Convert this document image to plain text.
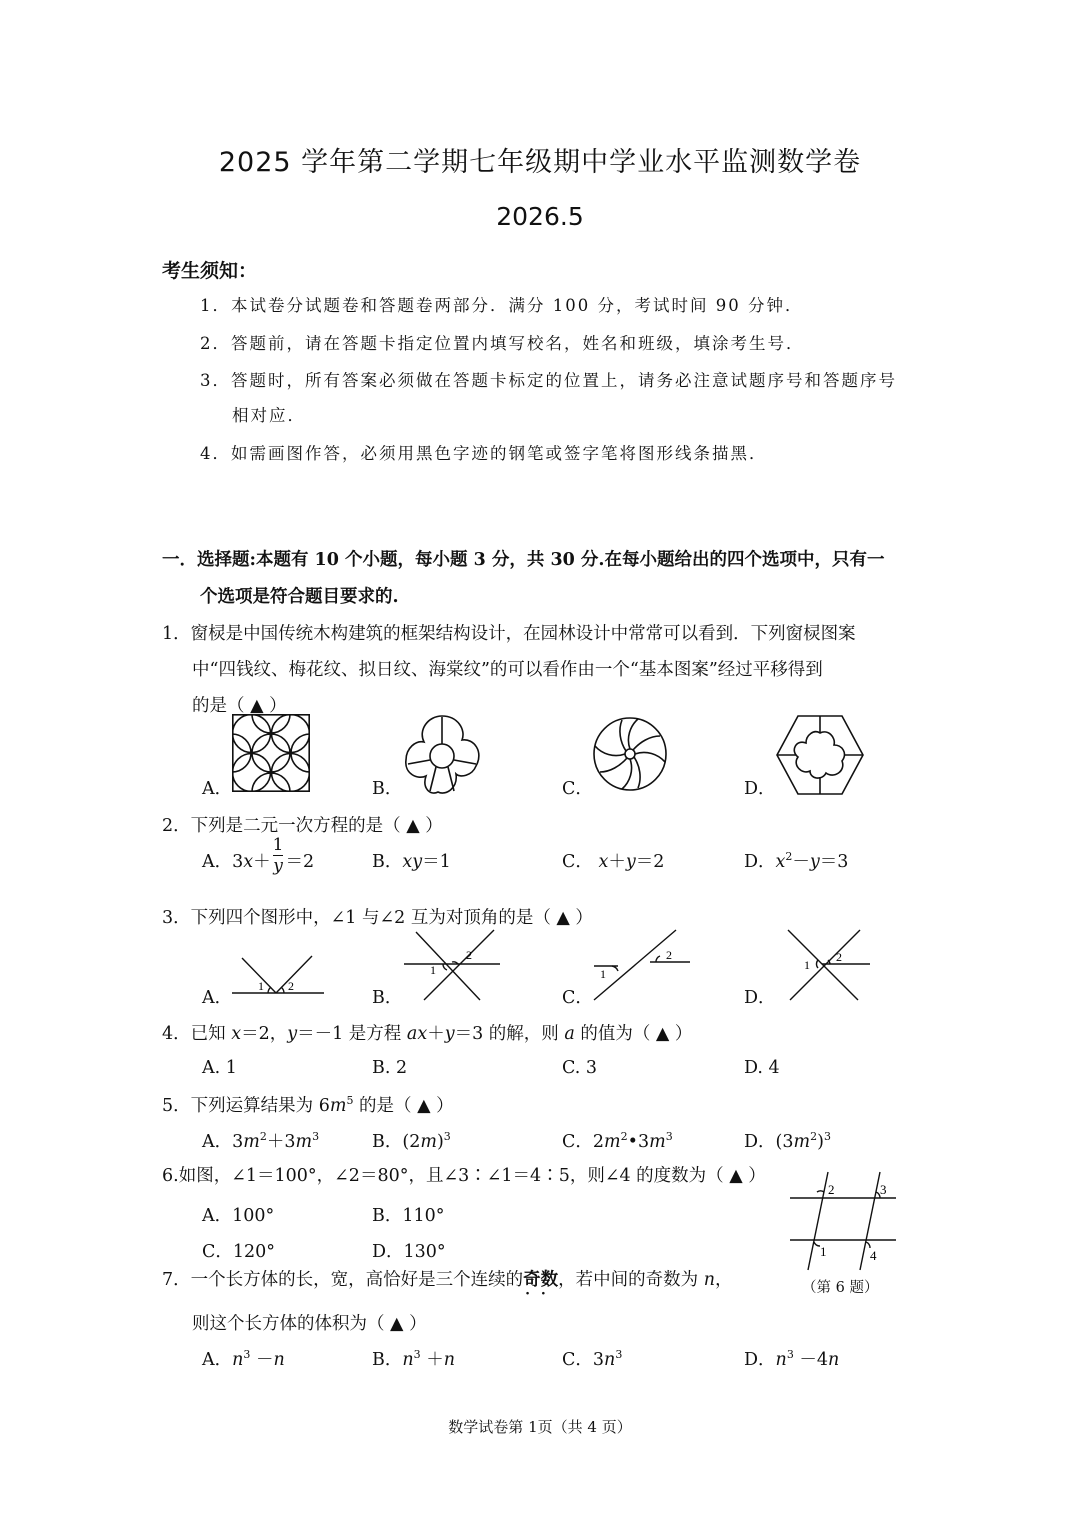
2025 学年第二学期七年级期中学业水平监测数学卷
2026.5
考生须知：
1．本试卷分试题卷和答题卷两部分．满分 100 分，考试时间 90 分钟．
2．答题前，请在答题卡指定位置内填写校名，姓名和班级，填涂考生号．
3．答题时，所有答案必须做在答题卡标定的位置上，请务必注意试题序号和答题序号
相对应．
4．如需画图作答，必须用黑色字迹的钢笔或签字笔将图形线条描黑．
一．选择题:本题有 10 个小题，每小题 3 分，共 30 分.在每小题给出的四个选项中，只有一
个选项是符合题目要求的.
1．窗棂是中国传统木构建筑的框架结构设计，在园林设计中常常可以看到．下列窗棂图案
中“四钱纹、梅花纹、拟日纹、海棠纹”的可以看作由一个“基本图案”经过平移得到
的是（ ▲ ）
A．	B．	C．	D．
2．下列是二元一次方程的是（ ▲ ）
A．$3x+ \frac{1}{y} =2$	B．xy＝1	C． x＋y＝2	D．$x^2-y=3$
3．下列四个图形中，∠1 与∠2 互为对顶角的是（ ▲ ）
A．	B．	C．	D．
1 2
1
2
1
2
1
2
4．已知 x＝2，y＝－1 是方程 ax＋y＝3 的解，则 a 的值为（ ▲ ）
A. 1	B. 2	C. 3	D. 4
5．下列运算结果为 $6m^5$ 的是（ ▲ ）
A．$3m^2+3m^3$	B．$(2m)^3$	C．$2m^2•3m^3$	D．$(3m^2)^3$
6.如图，∠1＝100°，∠2＝80°，且∠3∶∠1＝4∶5，则∠4 的度数为（ ▲ ）
A．100°	B．110°
C．120°	D．130°
2	3
1	4
（第 6 题）
7．一个长方体的长，宽，高恰好是三个连续的奇数 · ·，若中间的奇数为 n，
则这个长方体的体积为（ ▲ ）
A．$n^3 -n$	B．$n^3 +n$	C．$3n^3$	D．$n^3 -4n$
数学试卷第 1页（共 4 页）
